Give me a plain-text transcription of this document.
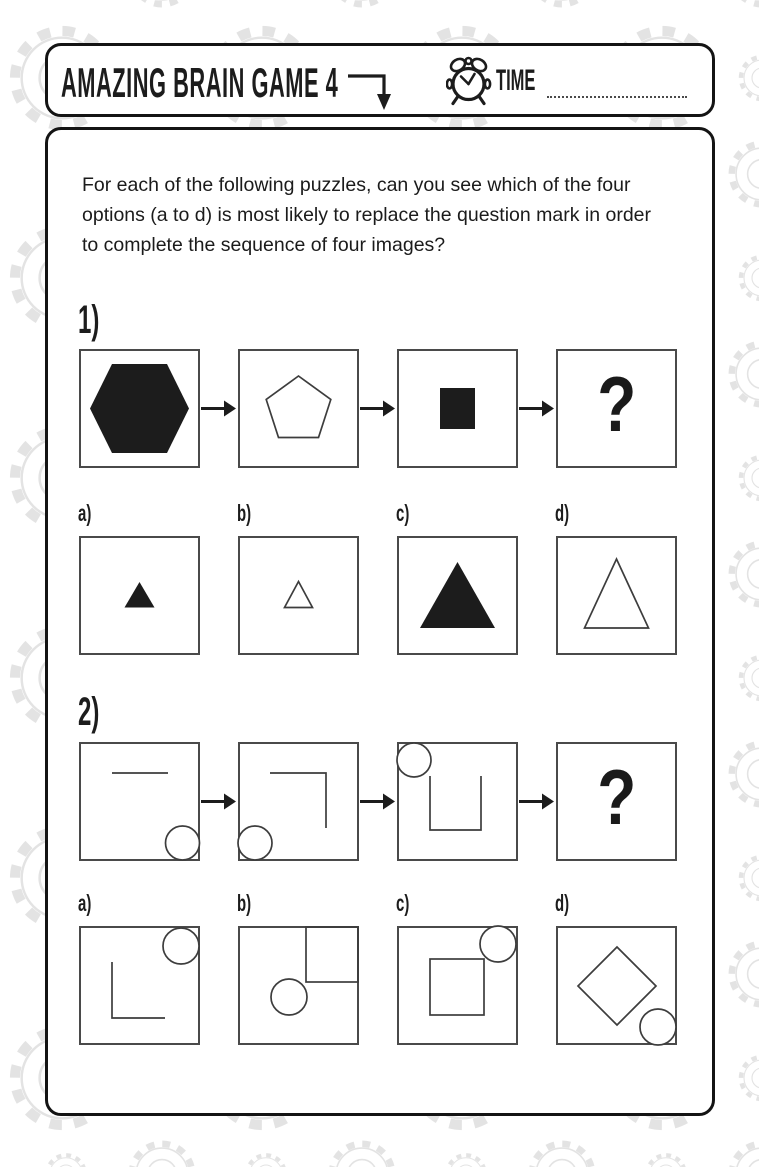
AMAZING BRAIN GAME 4	TIME

For each of the following puzzles, can you see which of the four options (a to d) is most likely to replace the question mark in order to complete the sequence of four images?

1)
?
a)	b)	c)	d)
2)
?
a)	b)	c)	d)
